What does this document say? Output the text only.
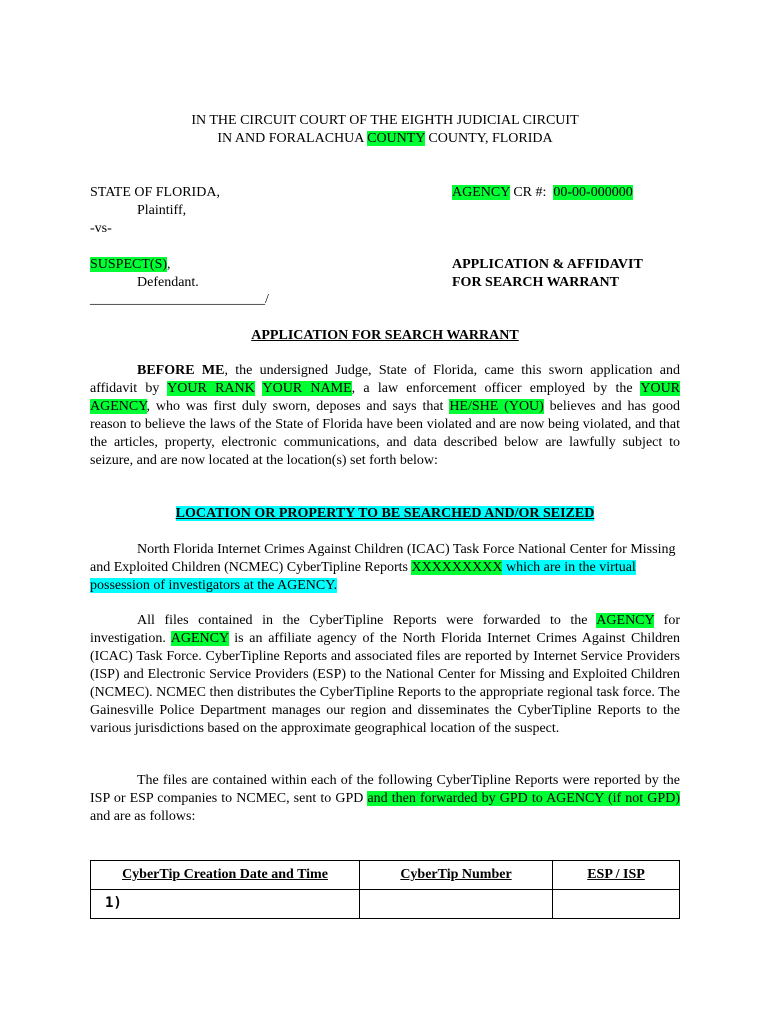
IN THE CIRCUIT COURT OF THE EIGHTH JUDICIAL CIRCUIT
IN AND FORALACHUA COUNTY COUNTY, FLORIDA
STATE OF FLORIDA,
Plaintiff,
-vs-
SUSPECT(S),
Defendant.
_________________________/
AGENCY CR #:  00-00-000000
APPLICATION & AFFIDAVIT
FOR SEARCH WARRANT
APPLICATION FOR SEARCH WARRANT
BEFORE ME, the undersigned Judge, State of Florida, came this sworn application and affidavit by YOUR RANK YOUR NAME, a law enforcement officer employed by the YOUR AGENCY, who was first duly sworn, deposes and says that HE/SHE (YOU) believes and has good reason to believe the laws of the State of Florida have been violated and are now being violated, and that the articles, property, electronic communications, and data described below are lawfully subject to seizure, and are now located at the location(s) set forth below:
LOCATION OR PROPERTY TO BE SEARCHED AND/OR SEIZED
North Florida Internet Crimes Against Children (ICAC) Task Force National Center for Missing and Exploited Children (NCMEC) CyberTipline Reports XXXXXXXXX which are in the virtual possession of investigators at the AGENCY.
All files contained in the CyberTipline Reports were forwarded to the AGENCY for investigation. AGENCY is an affiliate agency of the North Florida Internet Crimes Against Children (ICAC) Task Force. CyberTipline Reports and associated files are reported by Internet Service Providers (ISP) and Electronic Service Providers (ESP) to the National Center for Missing and Exploited Children (NCMEC). NCMEC then distributes the CyberTipline Reports to the appropriate regional task force. The Gainesville Police Department manages our region and disseminates the CyberTipline Reports to the various jurisdictions based on the approximate geographical location of the suspect.
The files are contained within each of the following CyberTipline Reports were reported by the ISP or ESP companies to NCMEC, sent to GPD and then forwarded by GPD to AGENCY (if not GPD) and are as follows:
CyberTip Creation Date and Time	CyberTip Number	ESP / ISP
1)		
